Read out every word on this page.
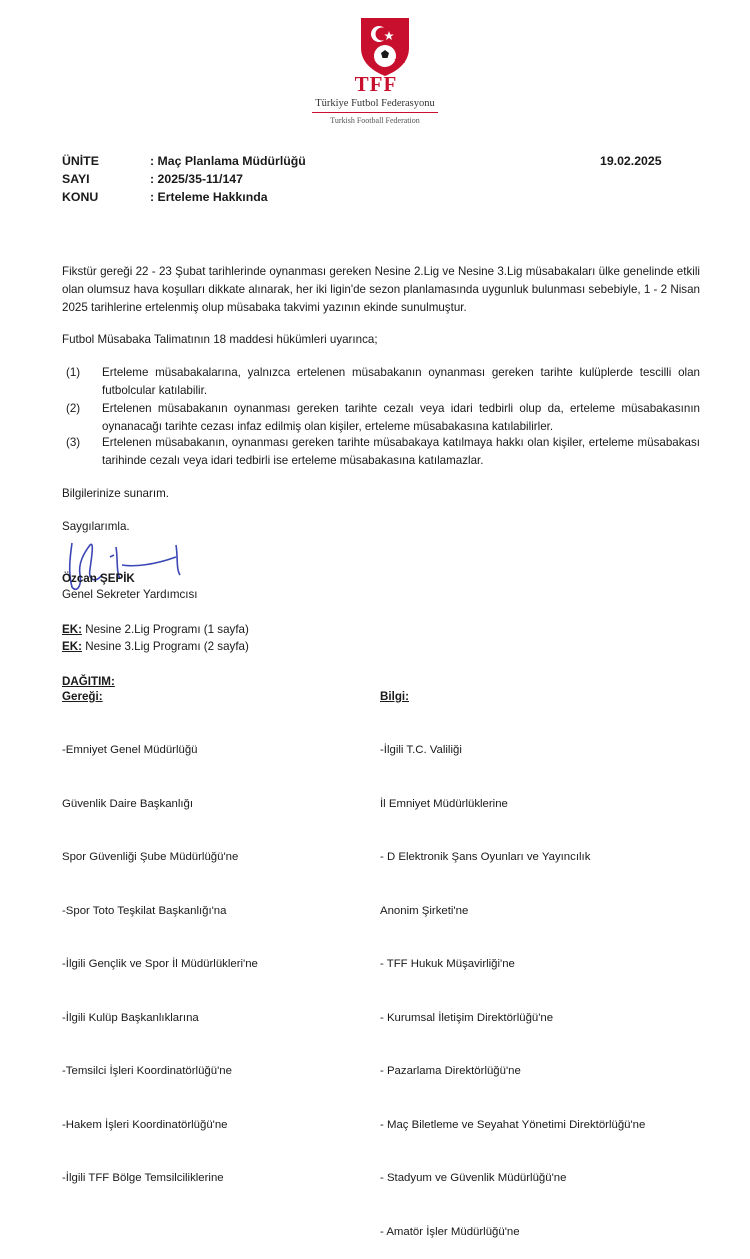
1923
TFF
Türkiye Futbol Federasyonu
Turkish Football Federation
ÜNİTE	: Maç Planlama Müdürlüğü	19.02.2025
SAYI	: 2025/35-11/147
KONU	: Erteleme Hakkında
Fikstür gereği 22 - 23 Şubat tarihlerinde oynanması gereken Nesine 2.Lig ve Nesine 3.Lig müsabakaları ülke genelinde etkili olan olumsuz hava koşulları dikkate alınarak, her iki ligin'de sezon planlamasında uygunluk bulunması sebebiyle, 1 - 2 Nisan 2025 tarihlerine ertelenmiş olup müsabaka takvimi yazının ekinde sunulmuştur.
Futbol Müsabaka Talimatının 18 maddesi hükümleri uyarınca;
(1) Erteleme müsabakalarına, yalnızca ertelenen müsabakanın oynanması gereken tarihte kulüplerde tescilli olan futbolcular katılabilir.
(2) Ertelenen müsabakanın oynanması gereken tarihte cezalı veya idari tedbirli olup da, erteleme müsabakasının oynanacağı tarihte cezası infaz edilmiş olan kişiler, erteleme müsabakasına katılabilirler.
(3) Ertelenen müsabakanın, oynanması gereken tarihte müsabakaya katılmaya hakkı olan kişiler, erteleme müsabakası tarihinde cezalı veya idari tedbirli ise erteleme müsabakasına katılamazlar.
Bilgilerinize sunarım.
Saygılarımla.
Özcan ŞEPİK
Genel Sekreter Yardımcısı
EK: Nesine 2.Lig Programı (1 sayfa)
EK: Nesine 3.Lig Programı (2 sayfa)
DAĞITIM:
Gereği:	Bilgi:

-Emniyet Genel Müdürlüğü

Güvenlik Daire Başkanlığı

Spor Güvenliği Şube Müdürlüğü'ne

-Spor Toto Teşkilat Başkanlığı'na

-İlgili Gençlik ve Spor İl Müdürlükleri'ne

-İlgili Kulüp Başkanlıklarına

-Temsilci İşleri Koordinatörlüğü'ne

-Hakem İşleri Koordinatörlüğü'ne

-İlgili TFF Bölge Temsilciliklerine

-İlgili T.C. Valiliği

İl Emniyet Müdürlüklerine

- D Elektronik Şans Oyunları ve Yayıncılık

Anonim Şirketi'ne

- TFF Hukuk Müşavirliği'ne

- Kurumsal İletişim Direktörlüğü'ne

- Pazarlama Direktörlüğü'ne

- Maç Biletleme ve Seyahat Yönetimi Direktörlüğü'ne

- Stadyum ve Güvenlik Müdürlüğü'ne

- Amatör İşler Müdürlüğü'ne
